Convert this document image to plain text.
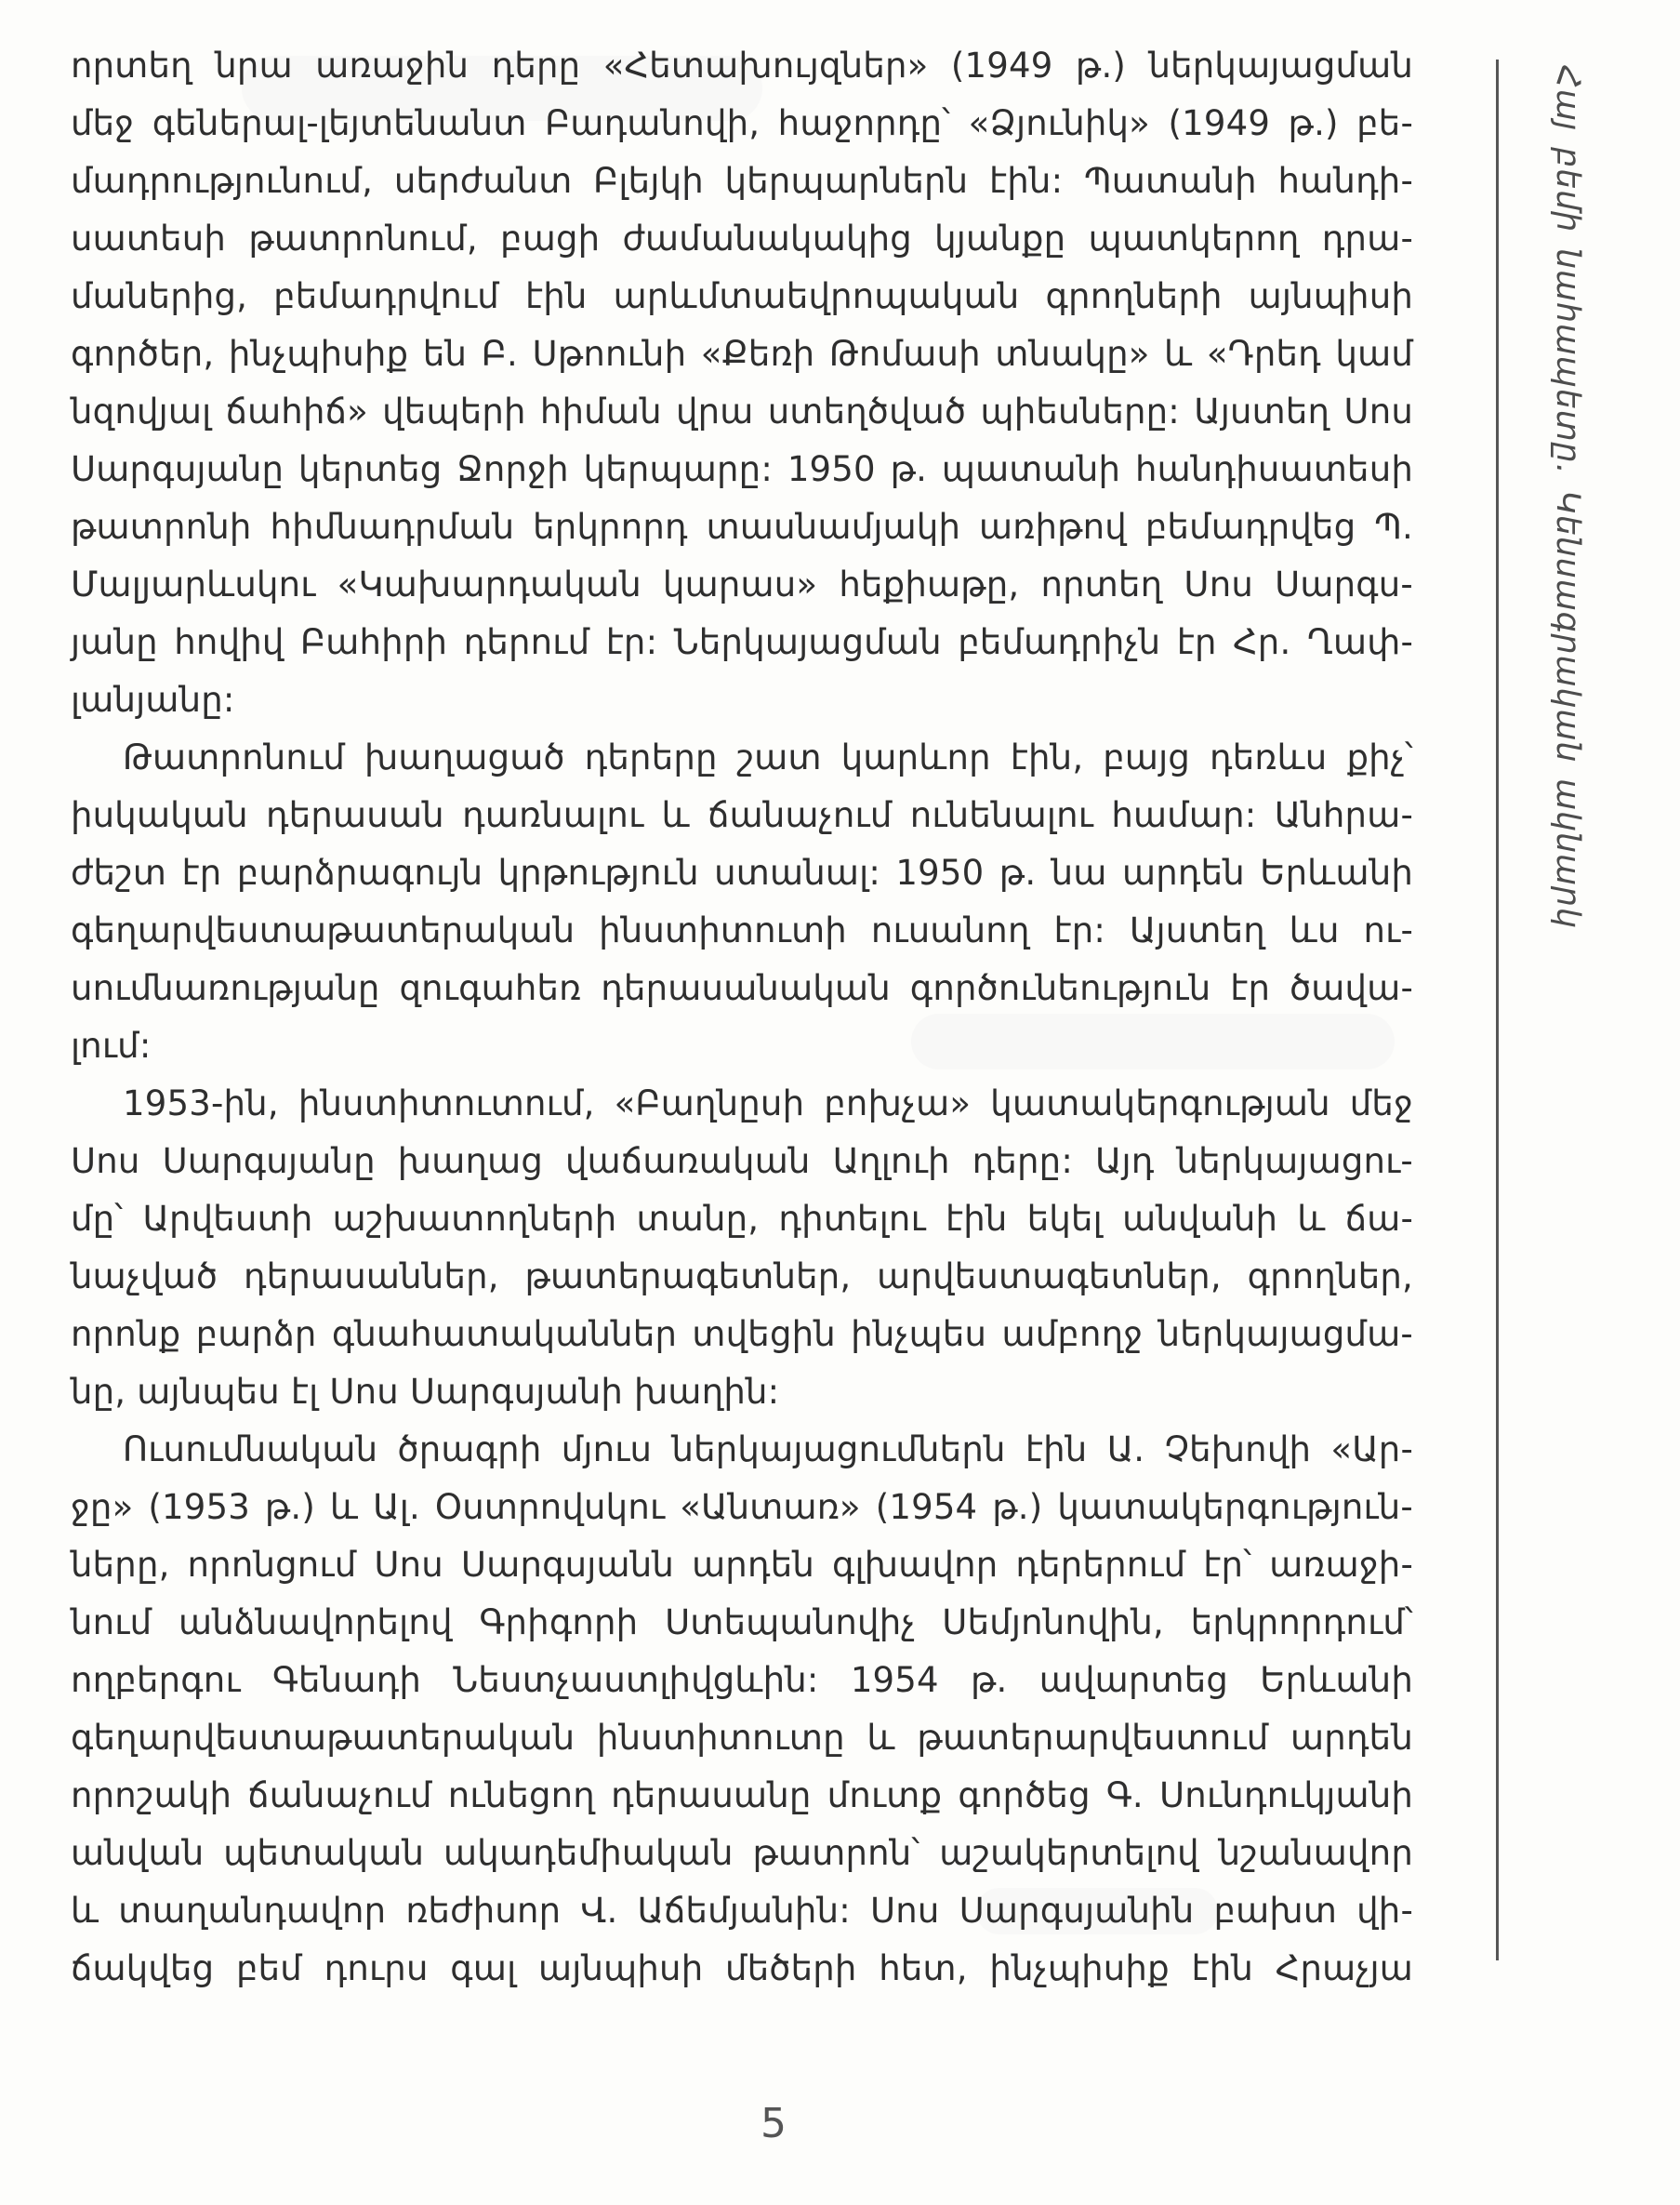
որտեղ նրա առաջին դերը «Հետախույզներ» (1949 թ.) ներկայացման
մեջ գեներալ-լեյտենանտ Բադանովի, հաջորդը՝ «Ձյունիկ» (1949 թ.) բե-
մադրությունում, սերժանտ Բլեյկի կերպարներն էին: Պատանի հանդի-
սատեսի թատրոնում, բացի ժամանակակից կյանքը պատկերող դրա-
մաներից, բեմադրվում էին արևմտաեվրոպական գրողների այնպիսի
գործեր, ինչպիսիք են Բ. Սթոունի «Քեռի Թոմասի տնակը» և «Դրեդ կամ
նզովյալ ճահիճ» վեպերի հիման վրա ստեղծված պիեսները: Այստեղ Սոս
Սարգսյանը կերտեց Ջորջի կերպարը: 1950 թ. պատանի հանդիսատեսի
թատրոնի հիմնադրման երկրորդ տասնամյակի առիթով բեմադրվեց Պ.
Մալյարևսկու «Կախարդական կարաս» հեքիաթը, որտեղ Սոս Սարգս-
յանը հովիվ Բահիրի դերում էր: Ներկայացման բեմադրիչն էր Հր. Ղափ-
լանյանը:
Թատրոնում խաղացած դերերը շատ կարևոր էին, բայց դեռևս քիչ՝
իսկական դերասան դառնալու և ճանաչում ունենալու համար: Անհրա-
ժեշտ էր բարձրագույն կրթություն ստանալ: 1950 թ. նա արդեն Երևանի
գեղարվեստաթատերական ինստիտուտի ուսանող էր: Այստեղ ևս ու-
սումնառությանը զուգահեռ դերասանական գործունեություն էր ծավա-
լում:
1953-ին, ինստիտուտում, «Բաղնըսի բոխչա» կատակերգության մեջ
Սոս Սարգսյանը խաղաց վաճառական Աղլուի դերը: Այդ ներկայացու-
մը՝ Արվեստի աշխատողների տանը, դիտելու էին եկել անվանի և ճա-
նաչված դերասաններ, թատերագետներ, արվեստագետներ, գրողներ,
որոնք բարձր գնահատականներ տվեցին ինչպես ամբողջ ներկայացմա-
նը, այնպես էլ Սոս Սարգսյանի խաղին:
Ուսումնական ծրագրի մյուս ներկայացումներն էին Ա. Չեխովի «Ար-
ջը» (1953 թ.) և Ալ. Օստրովսկու «Անտառ» (1954 թ.) կատակերգություն-
ները, որոնցում Սոս Սարգսյանն արդեն գլխավոր դերերում էր՝ առաջի-
նում անձնավորելով Գրիգորի Ստեպանովիչ Սեմյոնովին, երկրորդում՝
ողբերգու Գենադի Նեստչաստլիվցևին: 1954 թ. ավարտեց Երևանի
գեղարվեստաթատերական ինստիտուտը և թատերարվեստում արդեն
որոշակի ճանաչում ունեցող դերասանը մուտք գործեց Գ. Սունդուկյանի
անվան պետական ակադեմիական թատրոն՝ աշակերտելով նշանավոր
և տաղանդավոր ռեժիսոր Վ. Աճեմյանին: Սոս Սարգսյանին բախտ վի-
ճակվեց բեմ դուրս գալ այնպիսի մեծերի հետ, ինչպիսիք էին Հրաչյա
Հայ բեմի նահապետը. Կենսագրական ակնարկ
5
